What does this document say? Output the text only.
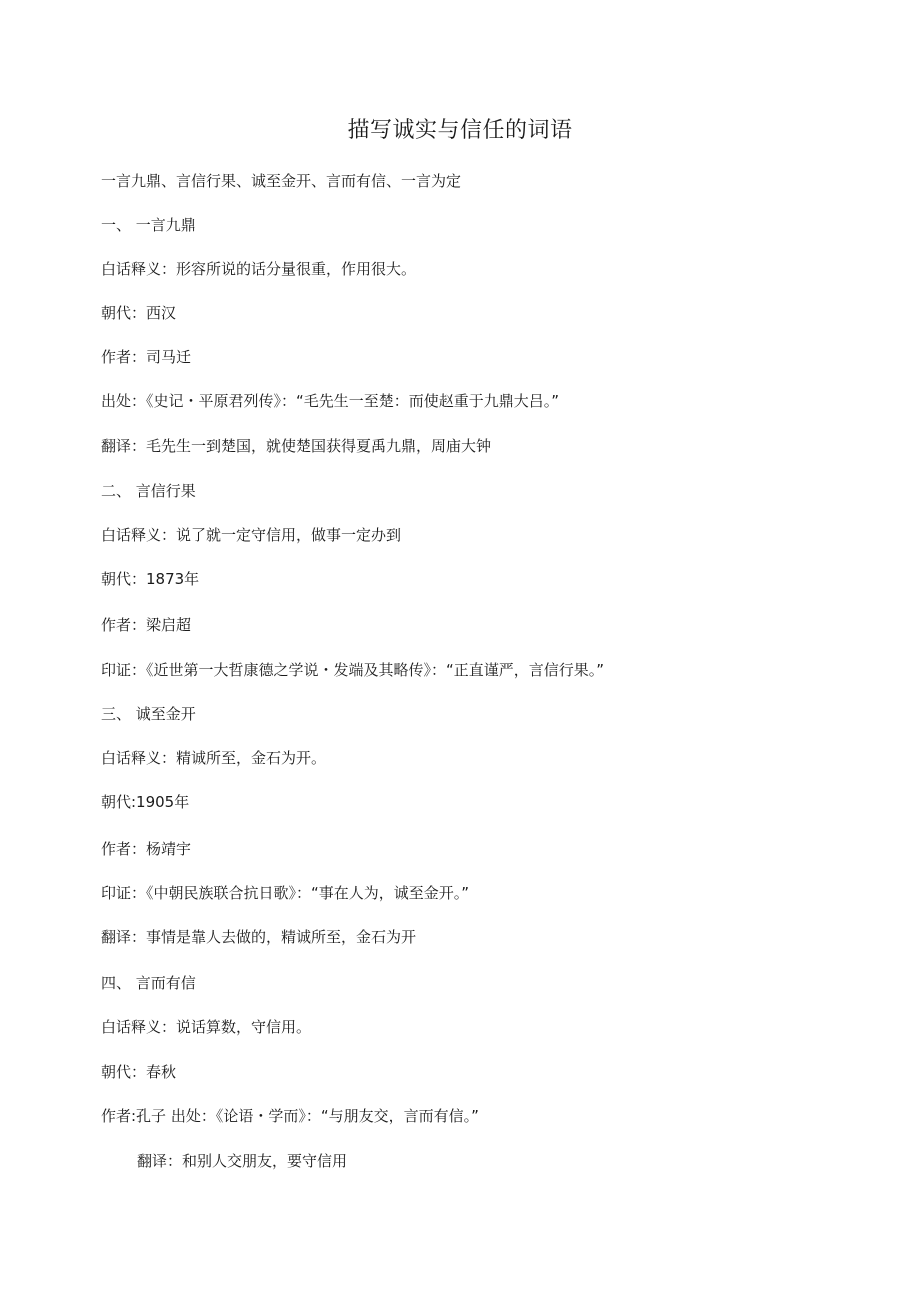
描写诚实与信任的词语
一言九鼎、言信行果、诚至金开、言而有信、一言为定
一、 一言九鼎
白话释义：形容所说的话分量很重，作用很大。
朝代：西汉
作者：司马迁
出处：《史记・平原君列传》：“毛先生一至楚：而使赵重于九鼎大吕。”
翻译：毛先生一到楚国，就使楚国获得夏禹九鼎，周庙大钟
二、 言信行果
白话释义：说了就一定守信用，做事一定办到
朝代：1873年
作者：梁启超
印证：《近世第一大哲康德之学说・发端及其略传》：“正直谨严，言信行果。”
三、 诚至金开
白话释义：精诚所至，金石为开。
朝代:1905年
作者：杨靖宇
印证：《中朝民族联合抗日歌》：“事在人为，诚至金开。”
翻译：事情是靠人去做的，精诚所至，金石为开
四、 言而有信
白话释义：说话算数，守信用。
朝代：春秋
作者:孔子 出处：《论语・学而》：“与朋友交，言而有信。”
翻译：和别人交朋友，要守信用
